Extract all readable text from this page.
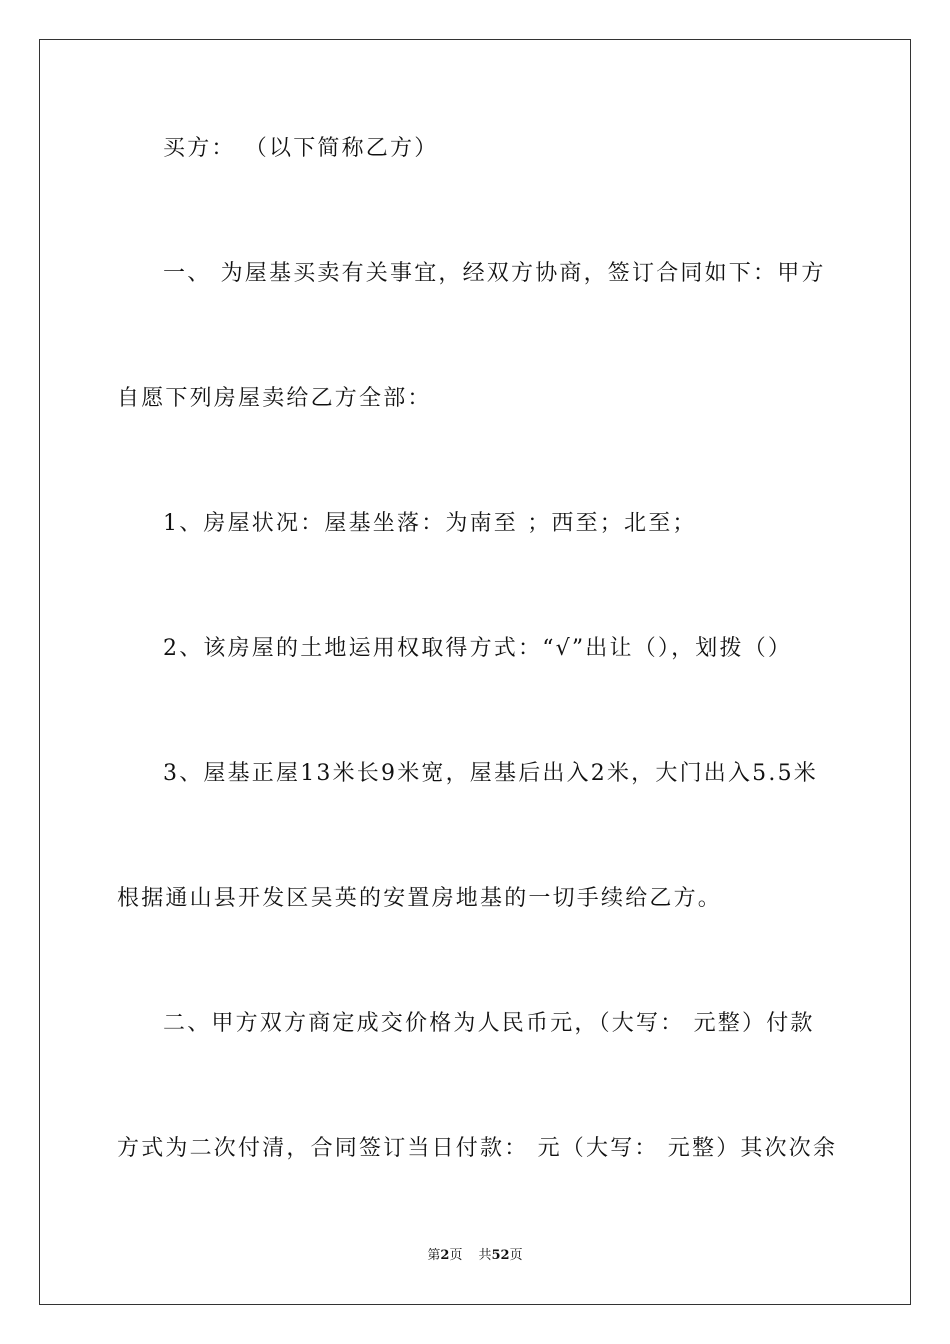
买方： （以下简称乙方）
一、 为屋基买卖有关事宜，经双方协商，签订合同如下：甲方
自愿下列房屋卖给乙方全部：
1、房屋状况：屋基坐落：为南至 ；西至；北至；
2、该房屋的土地运用权取得方式：“√”出让（），划拨（）
3、屋基正屋13米长9米宽，屋基后出入2米，大门出入5.5米
根据通山县开发区吴英的安置房地基的一切手续给乙方。
二、甲方双方商定成交价格为人民币元，（大写： 元整）付款
方式为二次付清，合同签订当日付款： 元（大写： 元整）其次次余
第2页 共52页
